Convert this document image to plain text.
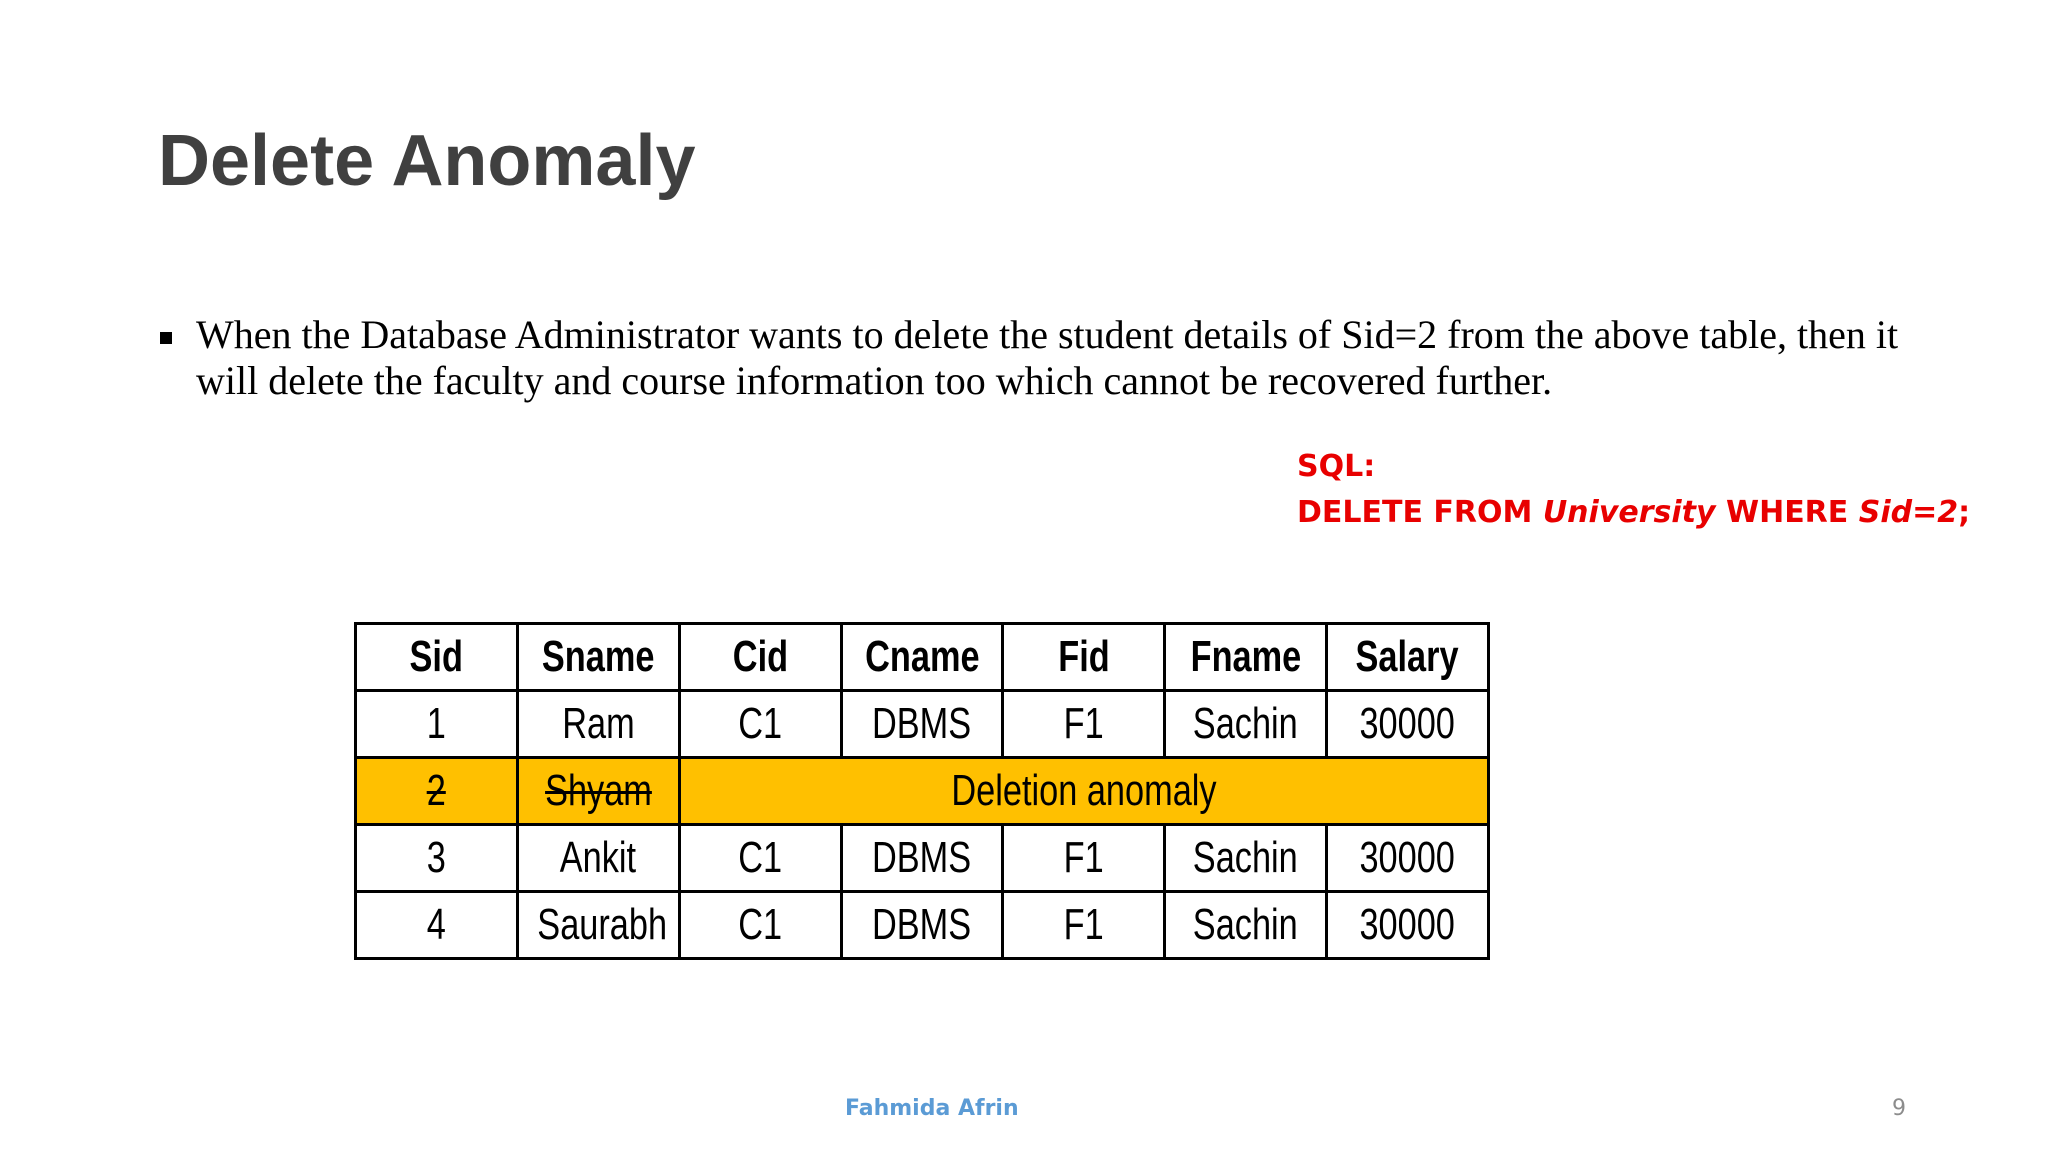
Delete Anomaly

When the Database Administrator wants to delete the student details of Sid=2 from the above table, then it will delete the faculty and course information too which cannot be recovered further.

SQL:
DELETE FROM University WHERE Sid=2;
Sid	Sname	Cid	Cname	Fid	Fname	Salary
1	Ram	C1	DBMS	F1	Sachin	30000
2	Shyam	Deletion anomaly				
3	Ankit	C1	DBMS	F1	Sachin	30000
4	Saurabh	C1	DBMS	F1	Sachin	30000
Fahmida Afrin	9
